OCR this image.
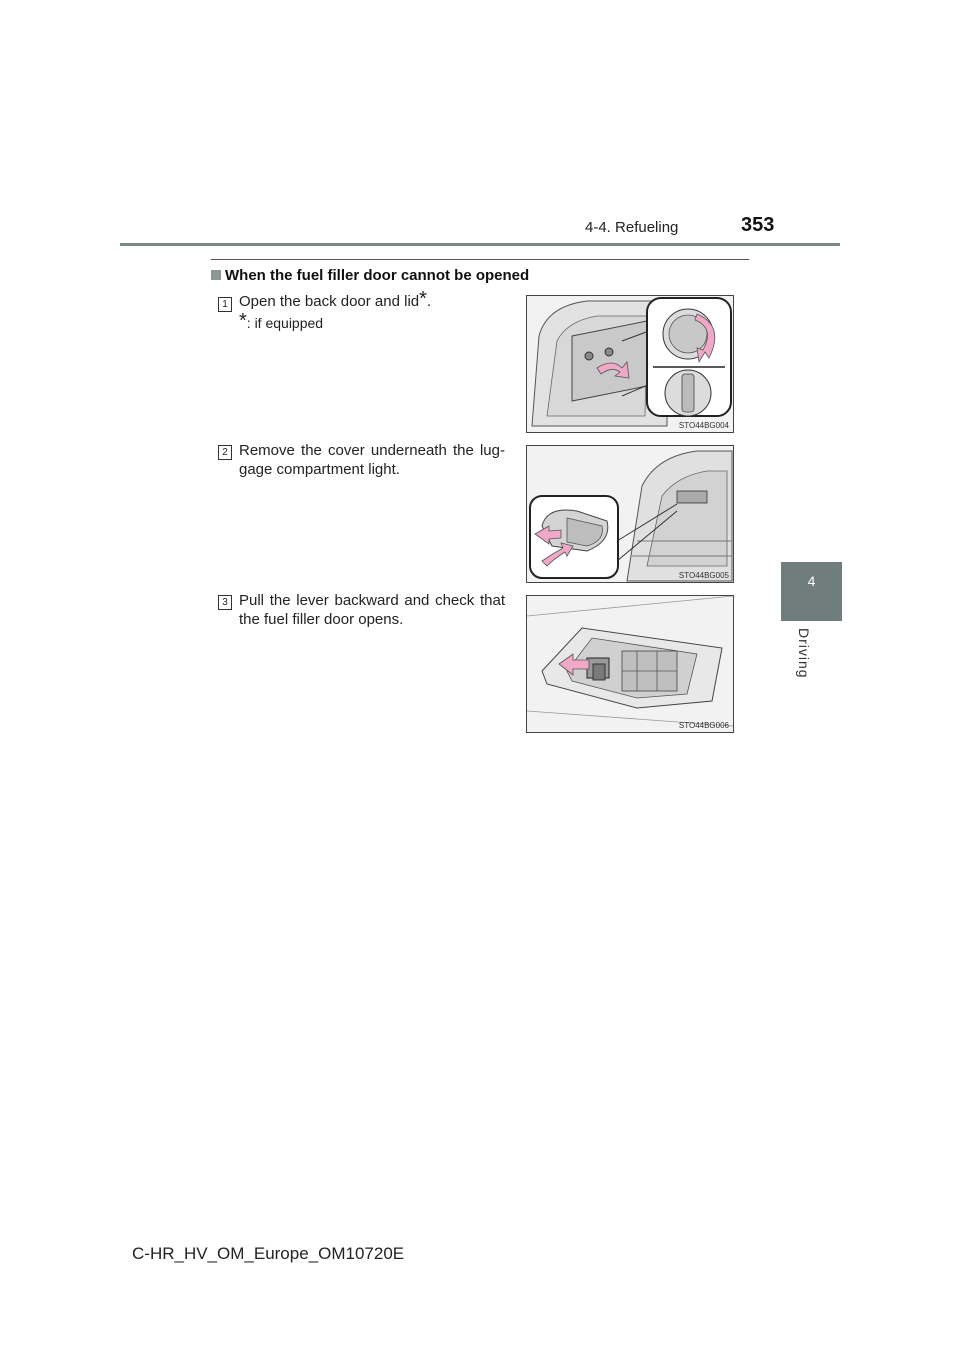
4-4. Refueling	353
4
Driving
When the fuel filler door cannot be opened
1 Open the back door and lid*.
*: if equipped
STO44BG004
2 Remove the cover underneath the lug-gage compartment light.
STO44BG005
3 Pull the lever backward and check that the fuel filler door opens.
STO44BG006
C-HR_HV_OM_Europe_OM10720E
